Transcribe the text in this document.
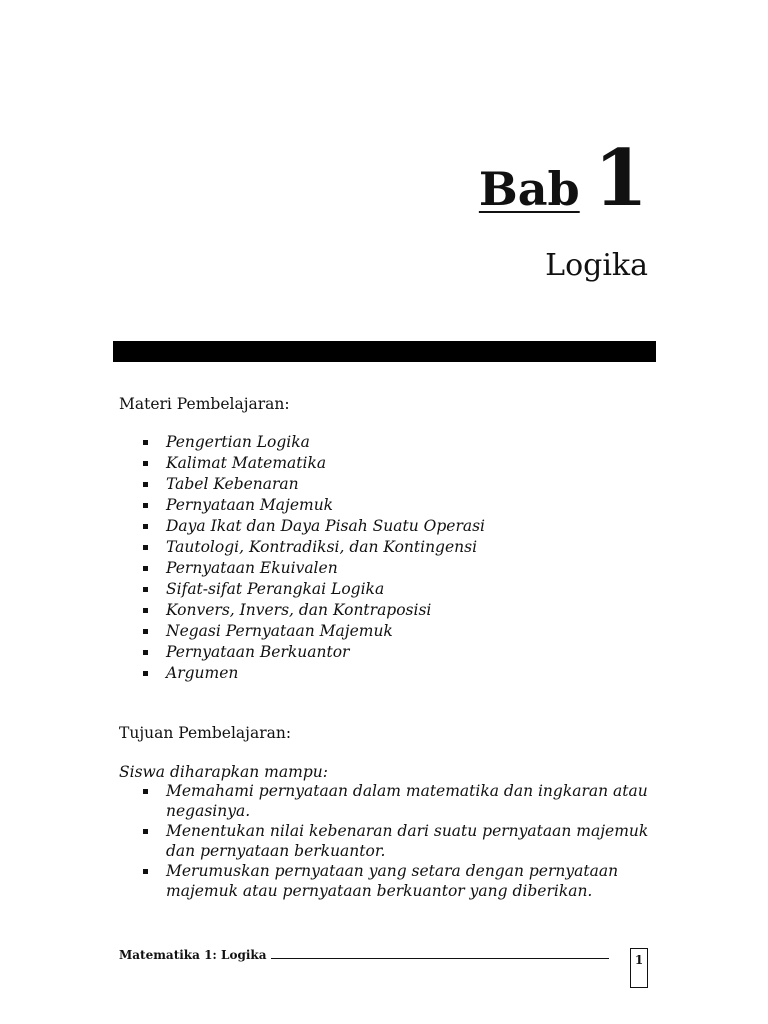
Bab 1
Logika
Materi Pembelajaran:
Pengertian Logika
Kalimat Matematika
Tabel Kebenaran
Pernyataan Majemuk
Daya Ikat dan Daya Pisah Suatu Operasi
Tautologi, Kontradiksi, dan Kontingensi
Pernyataan Ekuivalen
Sifat-sifat Perangkai Logika
Konvers, Invers, dan Kontraposisi
Negasi Pernyataan Majemuk
Pernyataan Berkuantor
Argumen
Tujuan Pembelajaran:
Siswa diharapkan mampu:
Memahami pernyataan dalam matematika dan ingkaran atau negasinya.
Menentukan nilai kebenaran dari suatu pernyataan majemuk dan pernyataan berkuantor.
Merumuskan pernyataan yang setara dengan pernyataan majemuk atau pernyataan berkuantor yang diberikan.
Matematika 1: Logika	1
